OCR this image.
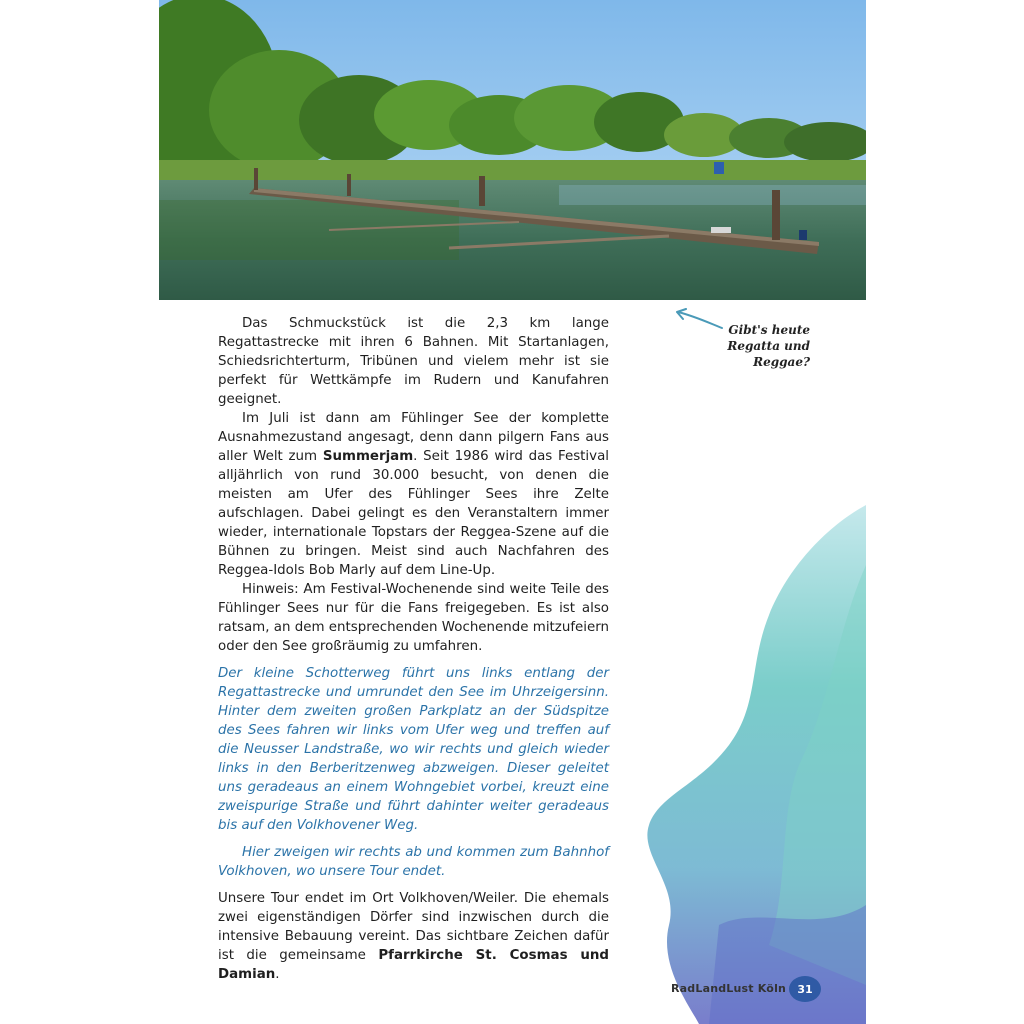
Das Schmuckstück ist die 2,3 km lange Regattastrecke mit ihren 6 Bahnen. Mit Startanlagen, Schiedsrichterturm, Tribünen und vielem mehr ist sie perfekt für Wettkämpfe im Rudern und Kanufahren geeignet.

Im Juli ist dann am Fühlinger See der komplette Ausnahmezustand angesagt, denn dann pilgern Fans aus aller Welt zum Summerjam. Seit 1986 wird das Festival alljährlich von rund 30.000 besucht, von denen die meisten am Ufer des Fühlinger Sees ihre Zelte aufschlagen. Dabei gelingt es den Veranstaltern immer wieder, internationale Topstars der Reggea-Szene auf die Bühnen zu bringen. Meist sind auch Nachfahren des Reggea-Idols Bob Marly auf dem Line-Up.

Hinweis: Am Festival-Wochenende sind weite Teile des Fühlinger Sees nur für die Fans freigegeben. Es ist also ratsam, an dem entsprechenden Wochenende mitzufeiern oder den See großräumig zu umfahren.

Der kleine Schotterweg führt uns links entlang der Regattastrecke und umrundet den See im Uhrzeigersinn. Hinter dem zweiten großen Parkplatz an der Südspitze des Sees fahren wir links vom Ufer weg und treffen auf die Neusser Landstraße, wo wir rechts und gleich wieder links in den Berberitzenweg abzweigen. Dieser geleitet uns geradeaus an einem Wohngebiet vorbei, kreuzt eine zweispurige Straße und führt dahinter weiter geradeaus bis auf den Volkhovener Weg.

Hier zweigen wir rechts ab und kommen zum Bahnhof Volkhoven, wo unsere Tour endet.

Unsere Tour endet im Ort Volkhoven/Weiler. Die ehemals zwei eigenständigen Dörfer sind inzwischen durch die intensive Bebauung vereint. Das sichtbare Zeichen dafür ist die gemeinsame Pfarrkirche St. Cosmas und Damian.

Gibt's heute
Regatta und Reggae?
RadLandLust Köln	31
